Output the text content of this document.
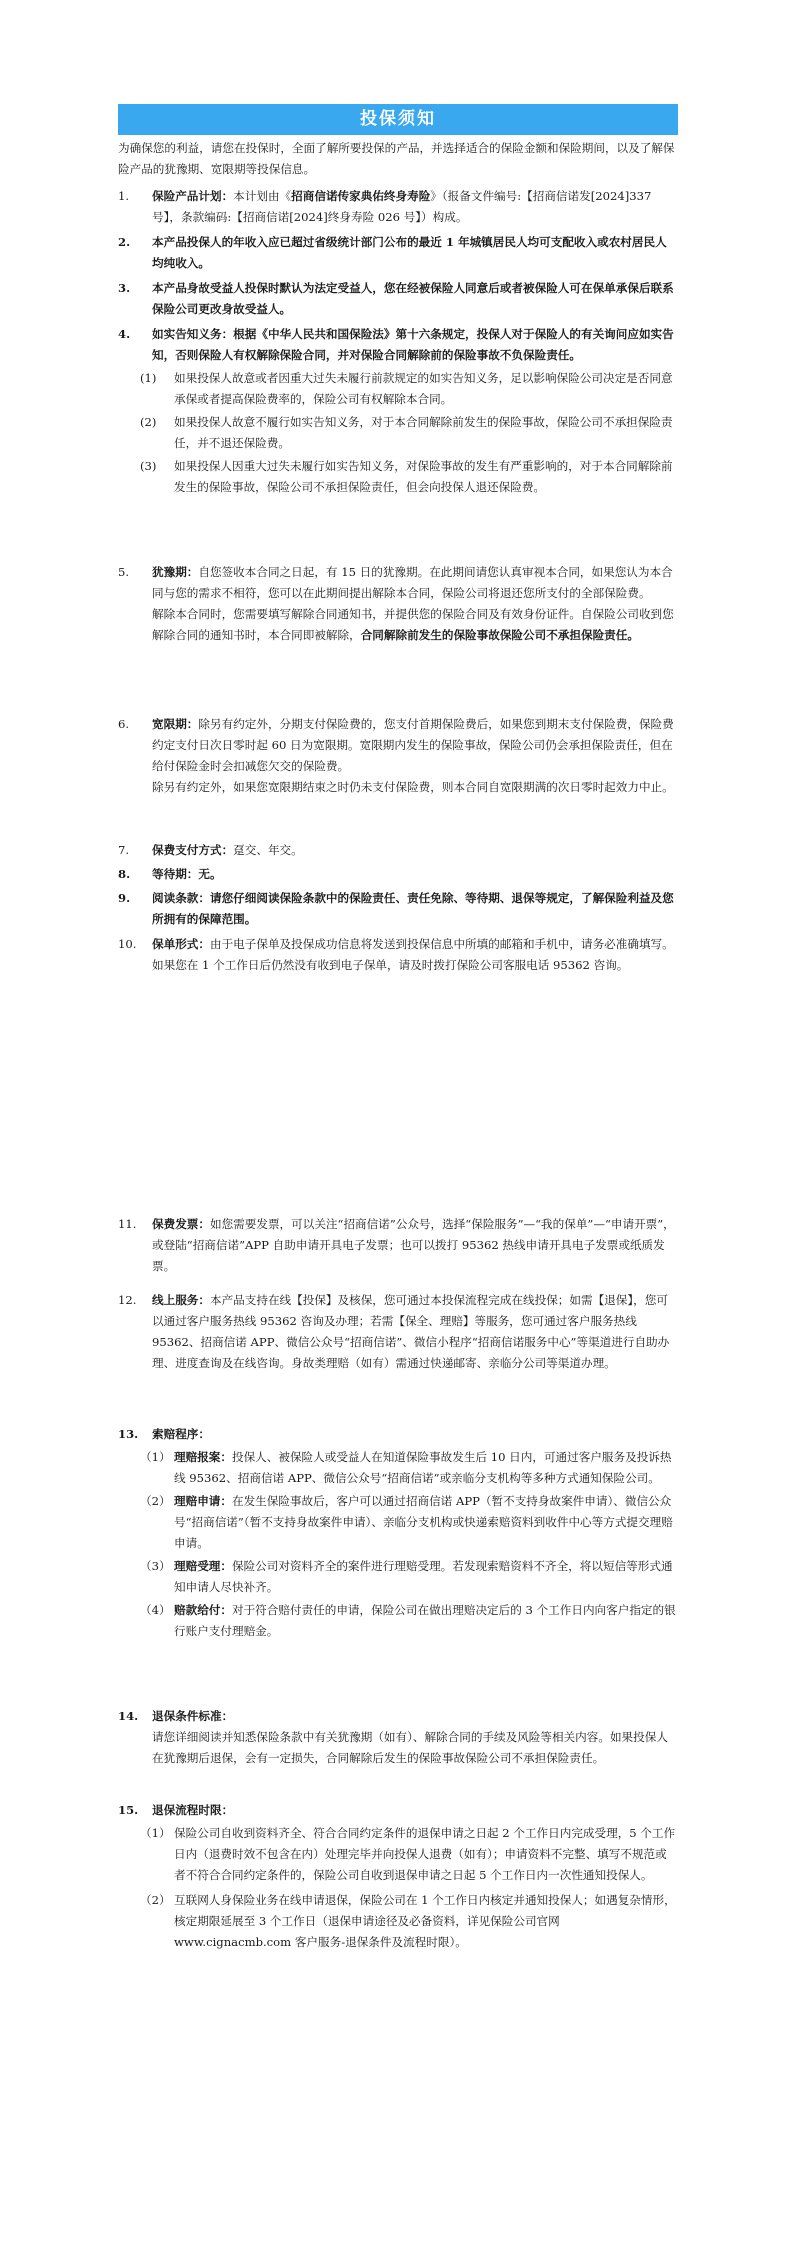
投保须知
为确保您的利益，请您在投保时，全面了解所要投保的产品，并选择适合的保险金额和保险期间，以及了解保险产品的犹豫期、宽限期等投保信息。
1.	保险产品计划：本计划由《招商信诺传家典佑终身寿险》（报备文件编号:【招商信诺发[2024]337 号】，条款编码:【招商信诺[2024]终身寿险 026 号】）构成。
2.	本产品投保人的年收入应已超过省级统计部门公布的最近 1 年城镇居民人均可支配收入或农村居民人均纯收入。
3.	本产品身故受益人投保时默认为法定受益人，您在经被保险人同意后或者被保险人可在保单承保后联系保险公司更改身故受益人。
4.	如实告知义务：根据《中华人民共和国保险法》第十六条规定，投保人对于保险人的有关询问应如实告知，否则保险人有权解除保险合同，并对保险合同解除前的保险事故不负保险责任。
(1)	如果投保人故意或者因重大过失未履行前款规定的如实告知义务，足以影响保险公司决定是否同意承保或者提高保险费率的，保险公司有权解除本合同。
(2)	如果投保人故意不履行如实告知义务，对于本合同解除前发生的保险事故，保险公司不承担保险责任，并不退还保险费。
(3)	如果投保人因重大过失未履行如实告知义务，对保险事故的发生有严重影响的，对于本合同解除前发生的保险事故，保险公司不承担保险责任，但会向投保人退还保险费。
5.	犹豫期：自您签收本合同之日起，有 15 日的犹豫期。在此期间请您认真审视本合同，如果您认为本合同与您的需求不相符，您可以在此期间提出解除本合同，保险公司将退还您所支付的全部保险费。
解除本合同时，您需要填写解除合同通知书，并提供您的保险合同及有效身份证件。自保险公司收到您解除合同的通知书时，本合同即被解除，合同解除前发生的保险事故保险公司不承担保险责任。
6.	宽限期：除另有约定外，分期支付保险费的，您支付首期保险费后，如果您到期末支付保险费，保险费约定支付日次日零时起 60 日为宽限期。宽限期内发生的保险事故，保险公司仍会承担保险责任，但在给付保险金时会扣减您欠交的保险费。
除另有约定外，如果您宽限期结束之时仍未支付保险费，则本合同自宽限期满的次日零时起效力中止。
7.	保费支付方式：趸交、年交。
8.	等待期：无。
9.	阅读条款：请您仔细阅读保险条款中的保险责任、责任免除、等待期、退保等规定，了解保险利益及您所拥有的保障范围。
10.	保单形式：由于电子保单及投保成功信息将发送到投保信息中所填的邮箱和手机中，请务必准确填写。如果您在 1 个工作日后仍然没有收到电子保单，请及时拨打保险公司客服电话 95362 咨询。
11.	保费发票：如您需要发票，可以关注“招商信诺”公众号，选择“保险服务”—“我的保单”—“申请开票”，或登陆“招商信诺”APP 自助申请开具电子发票；也可以拨打 95362 热线申请开具电子发票或纸质发票。
12.	线上服务：本产品支持在线【投保】及核保，您可通过本投保流程完成在线投保；如需【退保】，您可以通过客户服务热线 95362 咨询及办理；若需【保全、理赔】等服务，您可通过客户服务热线 95362、招商信诺 APP、微信公众号“招商信诺”、微信小程序“招商信诺服务中心”等渠道进行自助办理、进度查询及在线咨询。身故类理赔（如有）需通过快递邮寄、亲临分公司等渠道办理。
13.	索赔程序：
（1） 理赔报案：投保人、被保险人或受益人在知道保险事故发生后 10 日内，可通过客户服务及投诉热线 95362、招商信诺 APP、微信公众号“招商信诺”或亲临分支机构等多种方式通知保险公司。
（2） 理赔申请：在发生保险事故后，客户可以通过招商信诺 APP（暂不支持身故案件申请）、微信公众号“招商信诺”（暂不支持身故案件申请）、亲临分支机构或快递索赔资料到收件中心等方式提交理赔申请。
（3） 理赔受理：保险公司对资料齐全的案件进行理赔受理。若发现索赔资料不齐全，将以短信等形式通知申请人尽快补齐。
（4） 赔款给付：对于符合赔付责任的申请，保险公司在做出理赔决定后的 3 个工作日内向客户指定的银行账户支付理赔金。
14.	退保条件标准：
请您详细阅读并知悉保险条款中有关犹豫期（如有）、解除合同的手续及风险等相关内容。如果投保人在犹豫期后退保，会有一定损失，合同解除后发生的保险事故保险公司不承担保险责任。
15.	退保流程时限：
（1） 保险公司自收到资料齐全、符合合同约定条件的退保申请之日起 2 个工作日内完成受理，5 个工作日内（退费时效不包含在内）处理完毕并向投保人退费（如有）；申请资料不完整、填写不规范或者不符合合同约定条件的，保险公司自收到退保申请之日起 5 个工作日内一次性通知投保人。
（2） 互联网人身保险业务在线申请退保，保险公司在 1 个工作日内核定并通知投保人；如遇复杂情形，核定期限延展至 3 个工作日（退保申请途径及必备资料，详见保险公司官网 www.cignacmb.com 客户服务-退保条件及流程时限）。
